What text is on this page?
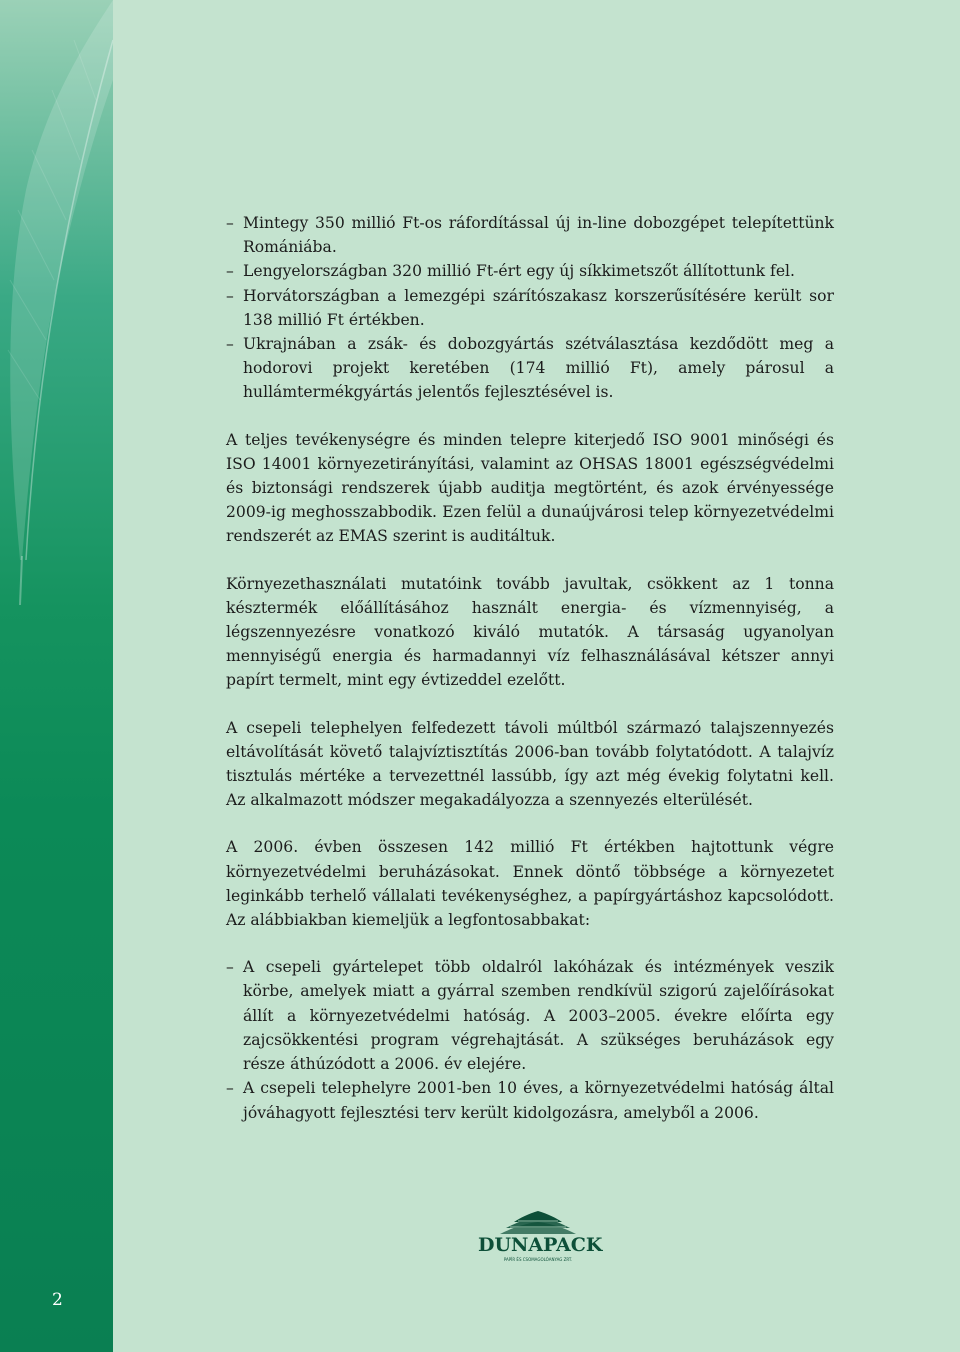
2
– Mintegy 350 millió Ft-os ráfordítással új in-line dobozgépet telepítettünk Romániába.
– Lengyelországban 320 millió Ft-ért egy új síkkimetszőt állítottunk fel.
– Horvátországban a lemezgépi szárítószakasz korszerűsítésére került sor 138 millió Ft értékben.
– Ukrajnában a zsák- és dobozgyártás szétválasztása kezdődött meg a hodorovi projekt keretében (174 millió Ft), amely párosul a hullámtermékgyártás jelentős fejlesztésével is.

A teljes tevékenységre és minden telepre kiterjedő ISO 9001 minőségi és ISO 14001 környezetirányítási, valamint az OHSAS 18001 egészségvédelmi és biztonsági rendszerek újabb auditja megtörtént, és azok érvényessége 2009-ig meghosszabbodik. Ezen felül a dunaújvárosi telep környezetvédelmi rendszerét az EMAS szerint is auditáltuk.

Környezethasználati mutatóink tovább javultak, csökkent az 1 tonna késztermék előállításához használt energia- és vízmennyiség, a légszennyezésre vonatkozó kiváló mutatók. A társaság ugyanolyan mennyiségű energia és harmadannyi víz felhasználásával kétszer annyi papírt termelt, mint egy évtizeddel ezelőtt.

A csepeli telephelyen felfedezett távoli múltból származó talajszennyezés eltávolítását követő talajvíztisztítás 2006-ban tovább folytatódott. A talajvíz tisztulás mértéke a tervezettnél lassúbb, így azt még évekig folytatni kell. Az alkalmazott módszer megakadályozza a szennyezés elterülését.

A 2006. évben összesen 142 millió Ft értékben hajtottunk végre környezetvédelmi beruházásokat. Ennek döntő többsége a környezetet leginkább terhelő vállalati tevékenységhez, a papírgyártáshoz kapcsolódott. Az alábbiakban kiemeljük a legfontosabbakat:

– A csepeli gyártelepet több oldalról lakóházak és intézmények veszik körbe, amelyek miatt a gyárral szemben rendkívül szigorú zajelőírásokat állít a környezetvédelmi hatóság. A 2003–2005. évekre előírta egy zajcsökkentési program végrehajtását. A szükséges beruházások egy része áthúzódott a 2006. év elejére.
– A csepeli telephelyre 2001-ben 10 éves, a környezetvédelmi hatóság által jóváhagyott fejlesztési terv került kidolgozásra, amelyből a 2006.
DUNAPACK
PAPÍR ÉS CSOMAGOLÓANYAG ZRT.
